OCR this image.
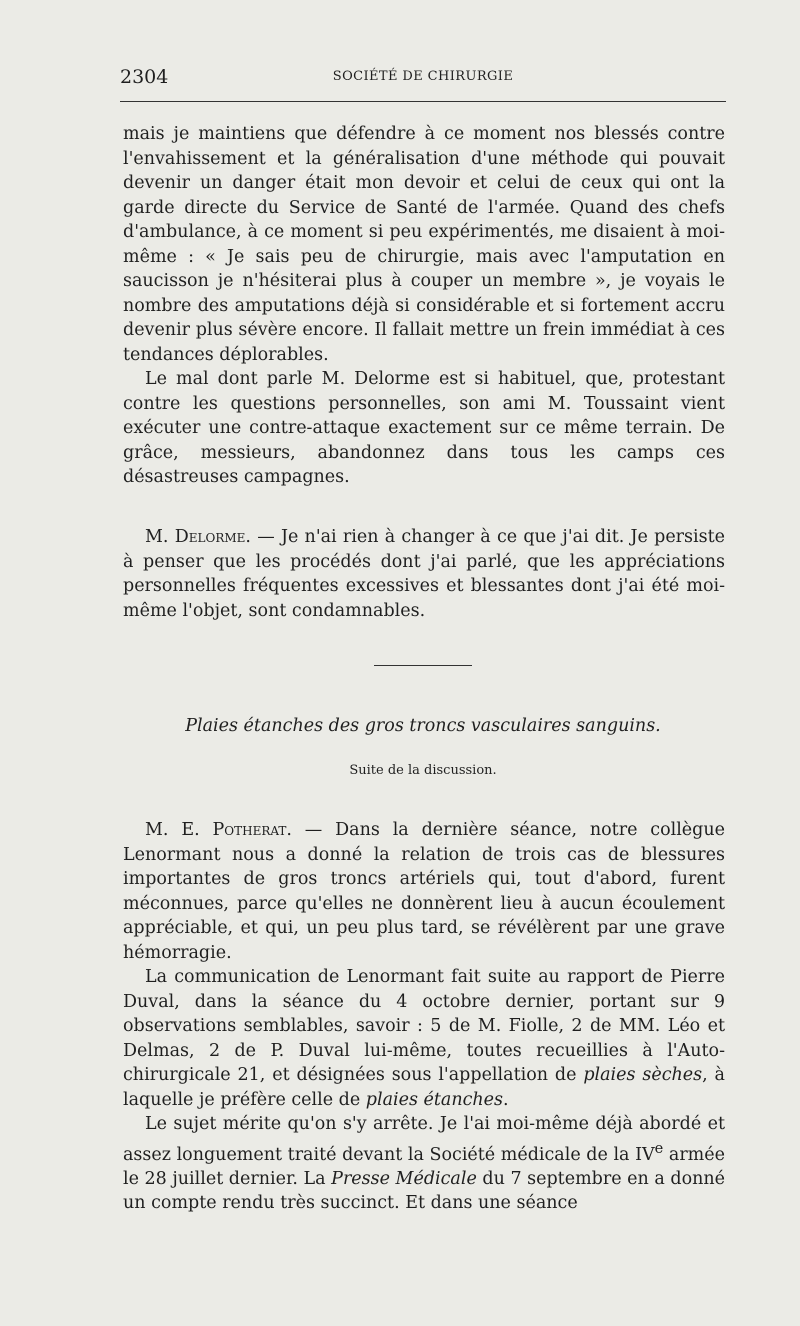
2304	SOCIÉTÉ DE CHIRURGIE

mais je maintiens que défendre à ce moment nos blessés contre l'envahissement et la généralisation d'une méthode qui pouvait devenir un danger était mon devoir et celui de ceux qui ont la garde directe du Service de Santé de l'armée. Quand des chefs d'ambulance, à ce moment si peu expérimentés, me disaient à moi-même : « Je sais peu de chirurgie, mais avec l'amputation en saucisson je n'hésiterai plus à couper un membre », je voyais le nombre des amputations déjà si considérable et si fortement accru devenir plus sévère encore. Il fallait mettre un frein immédiat à ces tendances déplorables.

Le mal dont parle M. Delorme est si habituel, que, protestant contre les questions personnelles, son ami M. Toussaint vient exécuter une contre-attaque exactement sur ce même terrain. De grâce, messieurs, abandonnez dans tous les camps ces désastreuses campagnes.

M. Delorme. — Je n'ai rien à changer à ce que j'ai dit. Je persiste à penser que les procédés dont j'ai parlé, que les appréciations personnelles fréquentes excessives et blessantes dont j'ai été moi-même l'objet, sont condamnables.

Plaies étanches des gros troncs vasculaires sanguins.
Suite de la discussion.

M. E. Potherat. — Dans la dernière séance, notre collègue Lenormant nous a donné la relation de trois cas de blessures importantes de gros troncs artériels qui, tout d'abord, furent méconnues, parce qu'elles ne donnèrent lieu à aucun écoulement appréciable, et qui, un peu plus tard, se révélèrent par une grave hémorragie.

La communication de Lenormant fait suite au rapport de Pierre Duval, dans la séance du 4 octobre dernier, portant sur 9 observations semblables, savoir : 5 de M. Fiolle, 2 de MM. Léo et Delmas, 2 de P. Duval lui-même, toutes recueillies à l'Auto-chirurgicale 21, et désignées sous l'appellation de plaies sèches, à laquelle je préfère celle de plaies étanches.

Le sujet mérite qu'on s'y arrête. Je l'ai moi-même déjà abordé et assez longuement traité devant la Société médicale de la IVe armée le 28 juillet dernier. La Presse Médicale du 7 septembre en a donné un compte rendu très succinct. Et dans une séance
